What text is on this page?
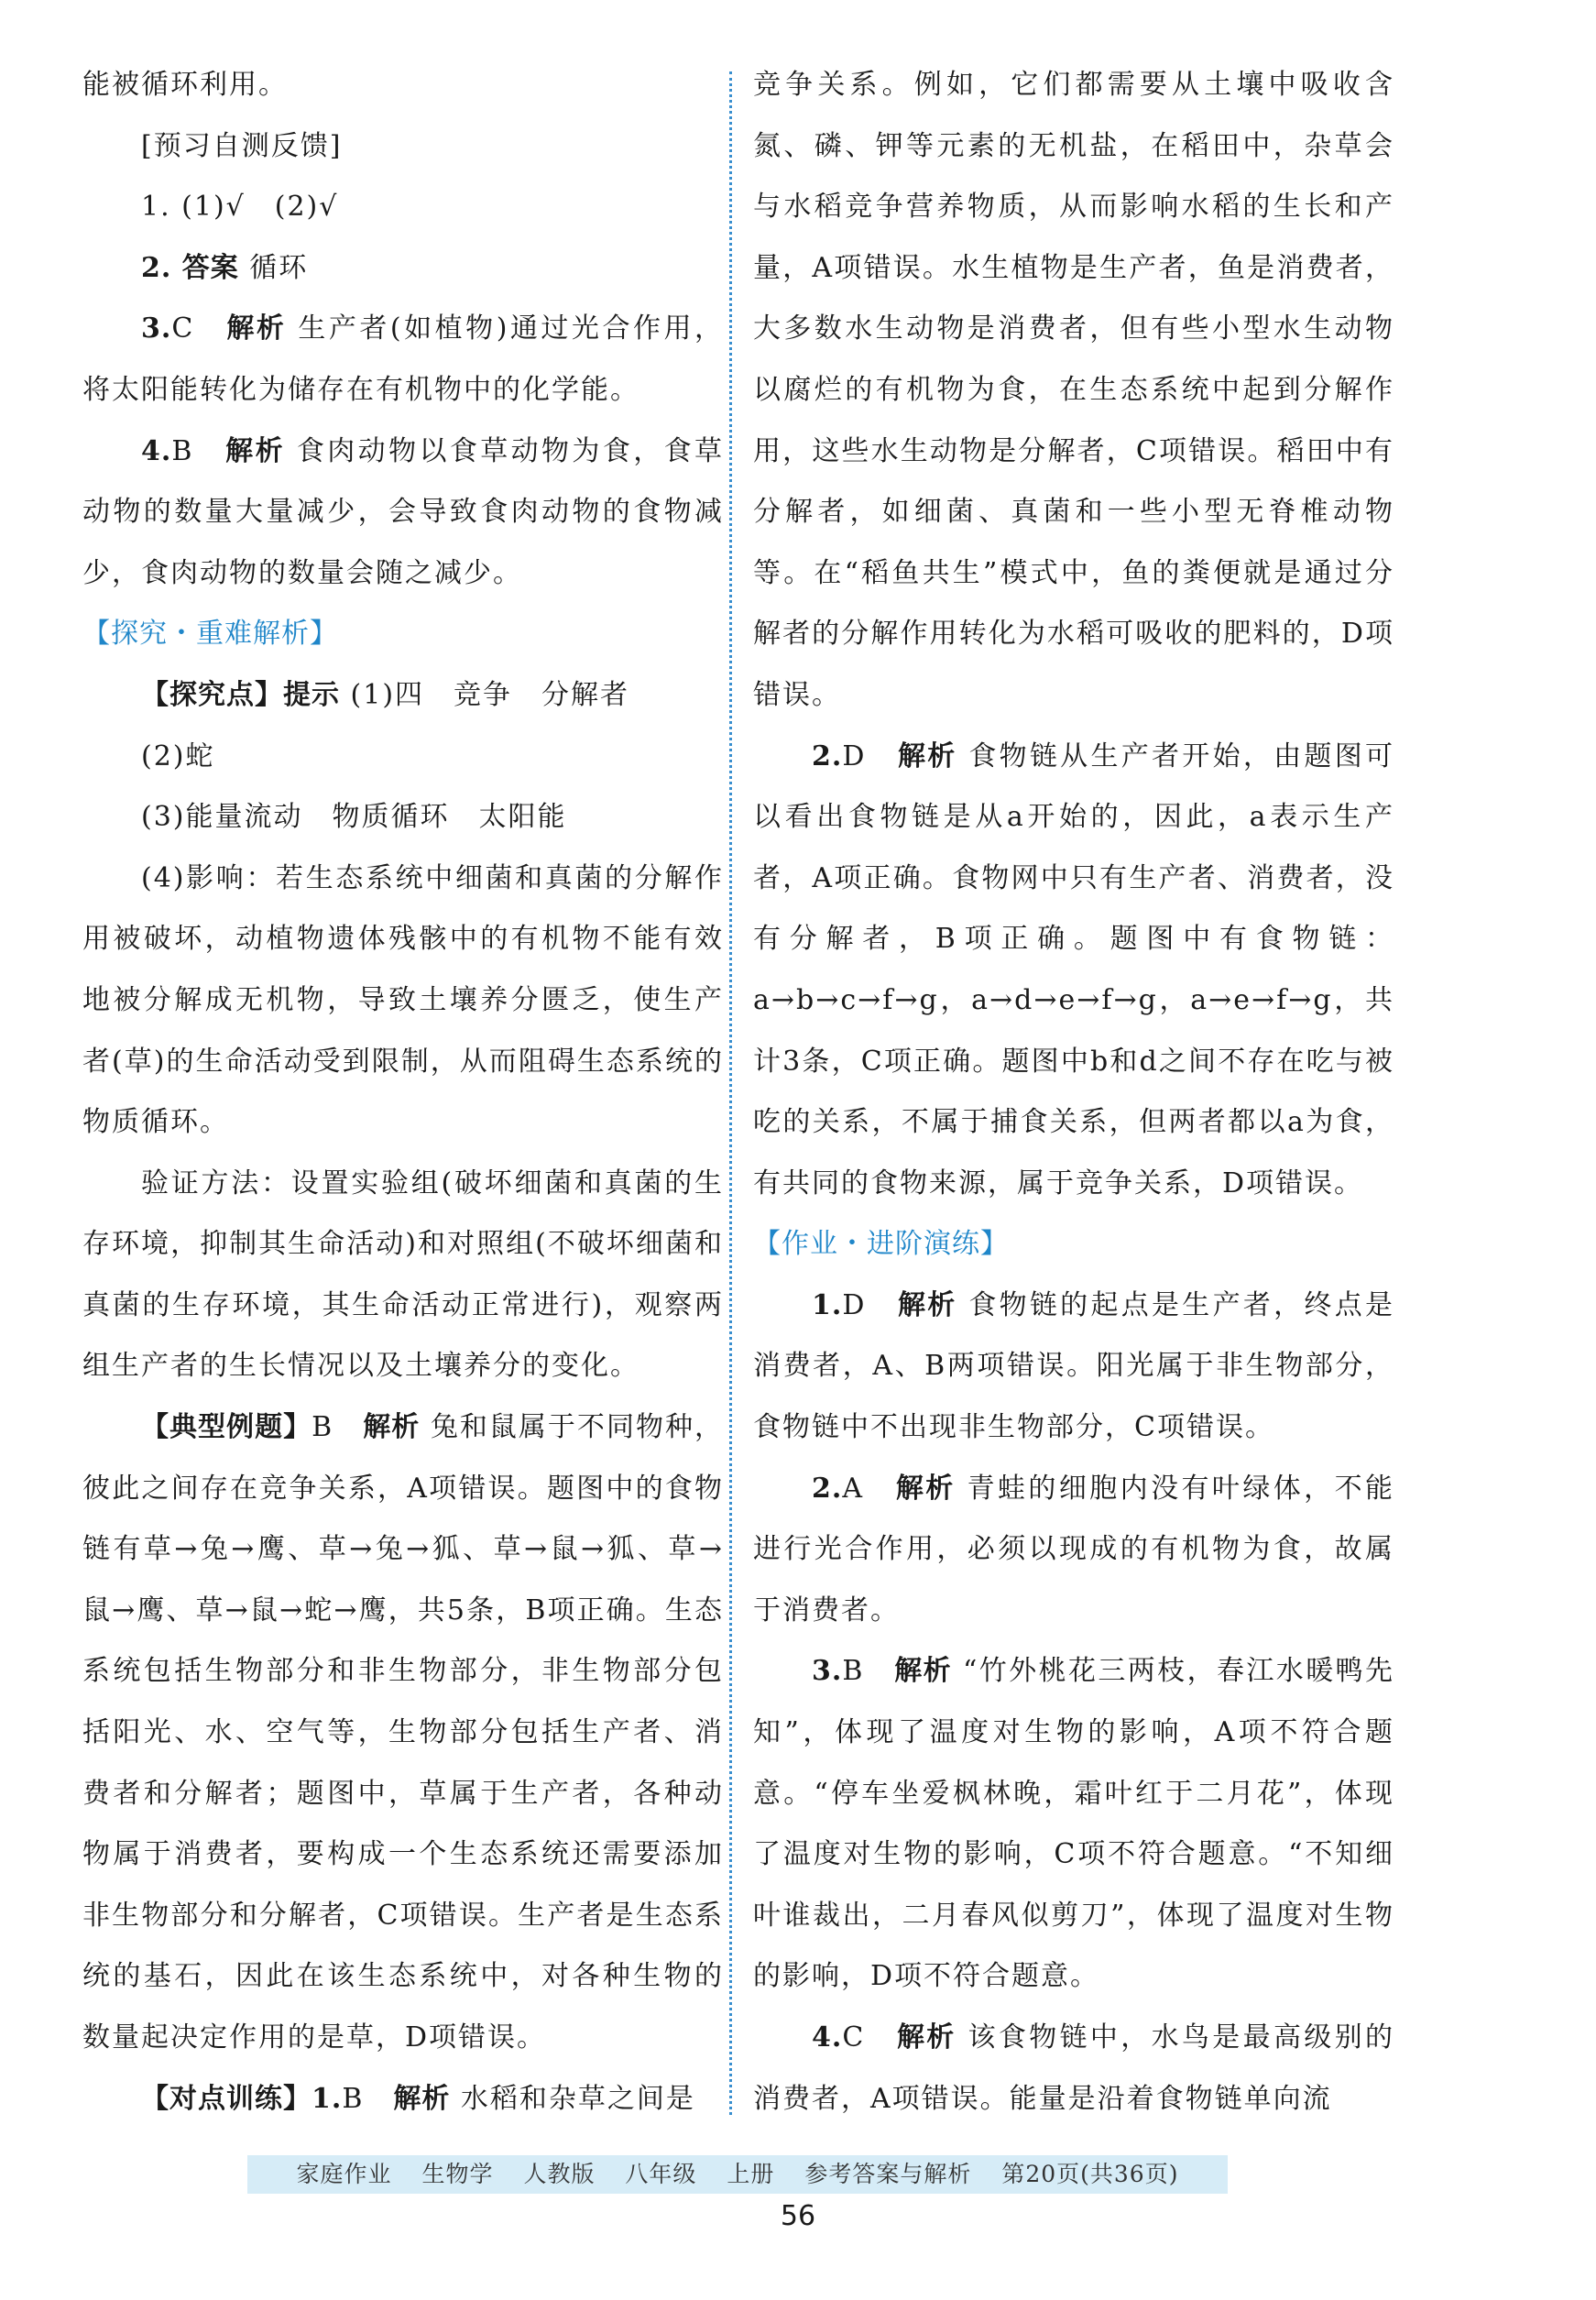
能被循环利用。

[预习自测反馈]

1. (1)√　(2)√

2. 答案 循环

3.C　解析 生产者(如植物)通过光合作用，将太阳能转化为储存在有机物中的化学能。

4.B　解析 食肉动物以食草动物为食，食草动物的数量大量减少，会导致食肉动物的食物减少，食肉动物的数量会随之减少。

【探究・重难解析】

【探究点】提示 (1)四　竞争　分解者

(2)蛇

(3)能量流动　物质循环　太阳能

(4)影响：若生态系统中细菌和真菌的分解作用被破坏，动植物遗体残骸中的有机物不能有效地被分解成无机物，导致土壤养分匮乏，使生产者(草)的生命活动受到限制，从而阻碍生态系统的物质循环。

验证方法：设置实验组(破坏细菌和真菌的生存环境，抑制其生命活动)和对照组(不破坏细菌和真菌的生存环境，其生命活动正常进行)，观察两组生产者的生长情况以及土壤养分的变化。

【典型例题】B　解析 兔和鼠属于不同物种，彼此之间存在竞争关系，A项错误。题图中的食物链有草→兔→鹰、草→兔→狐、草→鼠→狐、草→鼠→鹰、草→鼠→蛇→鹰，共5条，B项正确。生态系统包括生物部分和非生物部分，非生物部分包括阳光、水、空气等，生物部分包括生产者、消费者和分解者；题图中，草属于生产者，各种动物属于消费者，要构成一个生态系统还需要添加非生物部分和分解者，C项错误。生产者是生态系统的基石，因此在该生态系统中，对各种生物的数量起决定作用的是草，D项错误。

【对点训练】1.B　解析 水稻和杂草之间是

竞争关系。例如，它们都需要从土壤中吸收含氮、磷、钾等元素的无机盐，在稻田中，杂草会与水稻竞争营养物质，从而影响水稻的生长和产量，A项错误。水生植物是生产者，鱼是消费者，大多数水生动物是消费者，但有些小型水生动物以腐烂的有机物为食，在生态系统中起到分解作用，这些水生动物是分解者，C项错误。稻田中有分解者，如细菌、真菌和一些小型无脊椎动物等。在“稻鱼共生”模式中，鱼的粪便就是通过分解者的分解作用转化为水稻可吸收的肥料的，D项错误。

2.D　解析 食物链从生产者开始，由题图可以看出食物链是从a开始的，因此，a表示生产者，A项正确。食物网中只有生产者、消费者，没有分解者，B项正确。题图中有食物链：a→b→c→f→g，a→d→e→f→g，a→e→f→g，共计3条，C项正确。题图中b和d之间不存在吃与被吃的关系，不属于捕食关系，但两者都以a为食，有共同的食物来源，属于竞争关系，D项错误。

【作业・进阶演练】

1.D　解析 食物链的起点是生产者，终点是消费者，A、B两项错误。阳光属于非生物部分，食物链中不出现非生物部分，C项错误。

2.A　解析 青蛙的细胞内没有叶绿体，不能进行光合作用，必须以现成的有机物为食，故属于消费者。

3.B　解析 “竹外桃花三两枝，春江水暖鸭先知”，体现了温度对生物的影响，A项不符合题意。“停车坐爱枫林晚，霜叶红于二月花”，体现了温度对生物的影响，C项不符合题意。“不知细叶谁裁出，二月春风似剪刀”，体现了温度对生物的影响，D项不符合题意。

4.C　解析 该食物链中，水鸟是最高级别的消费者，A项错误。能量是沿着食物链单向流

家庭作业 生物学 人教版 八年级 上册 参考答案与解析 第20页(共36页)
56
